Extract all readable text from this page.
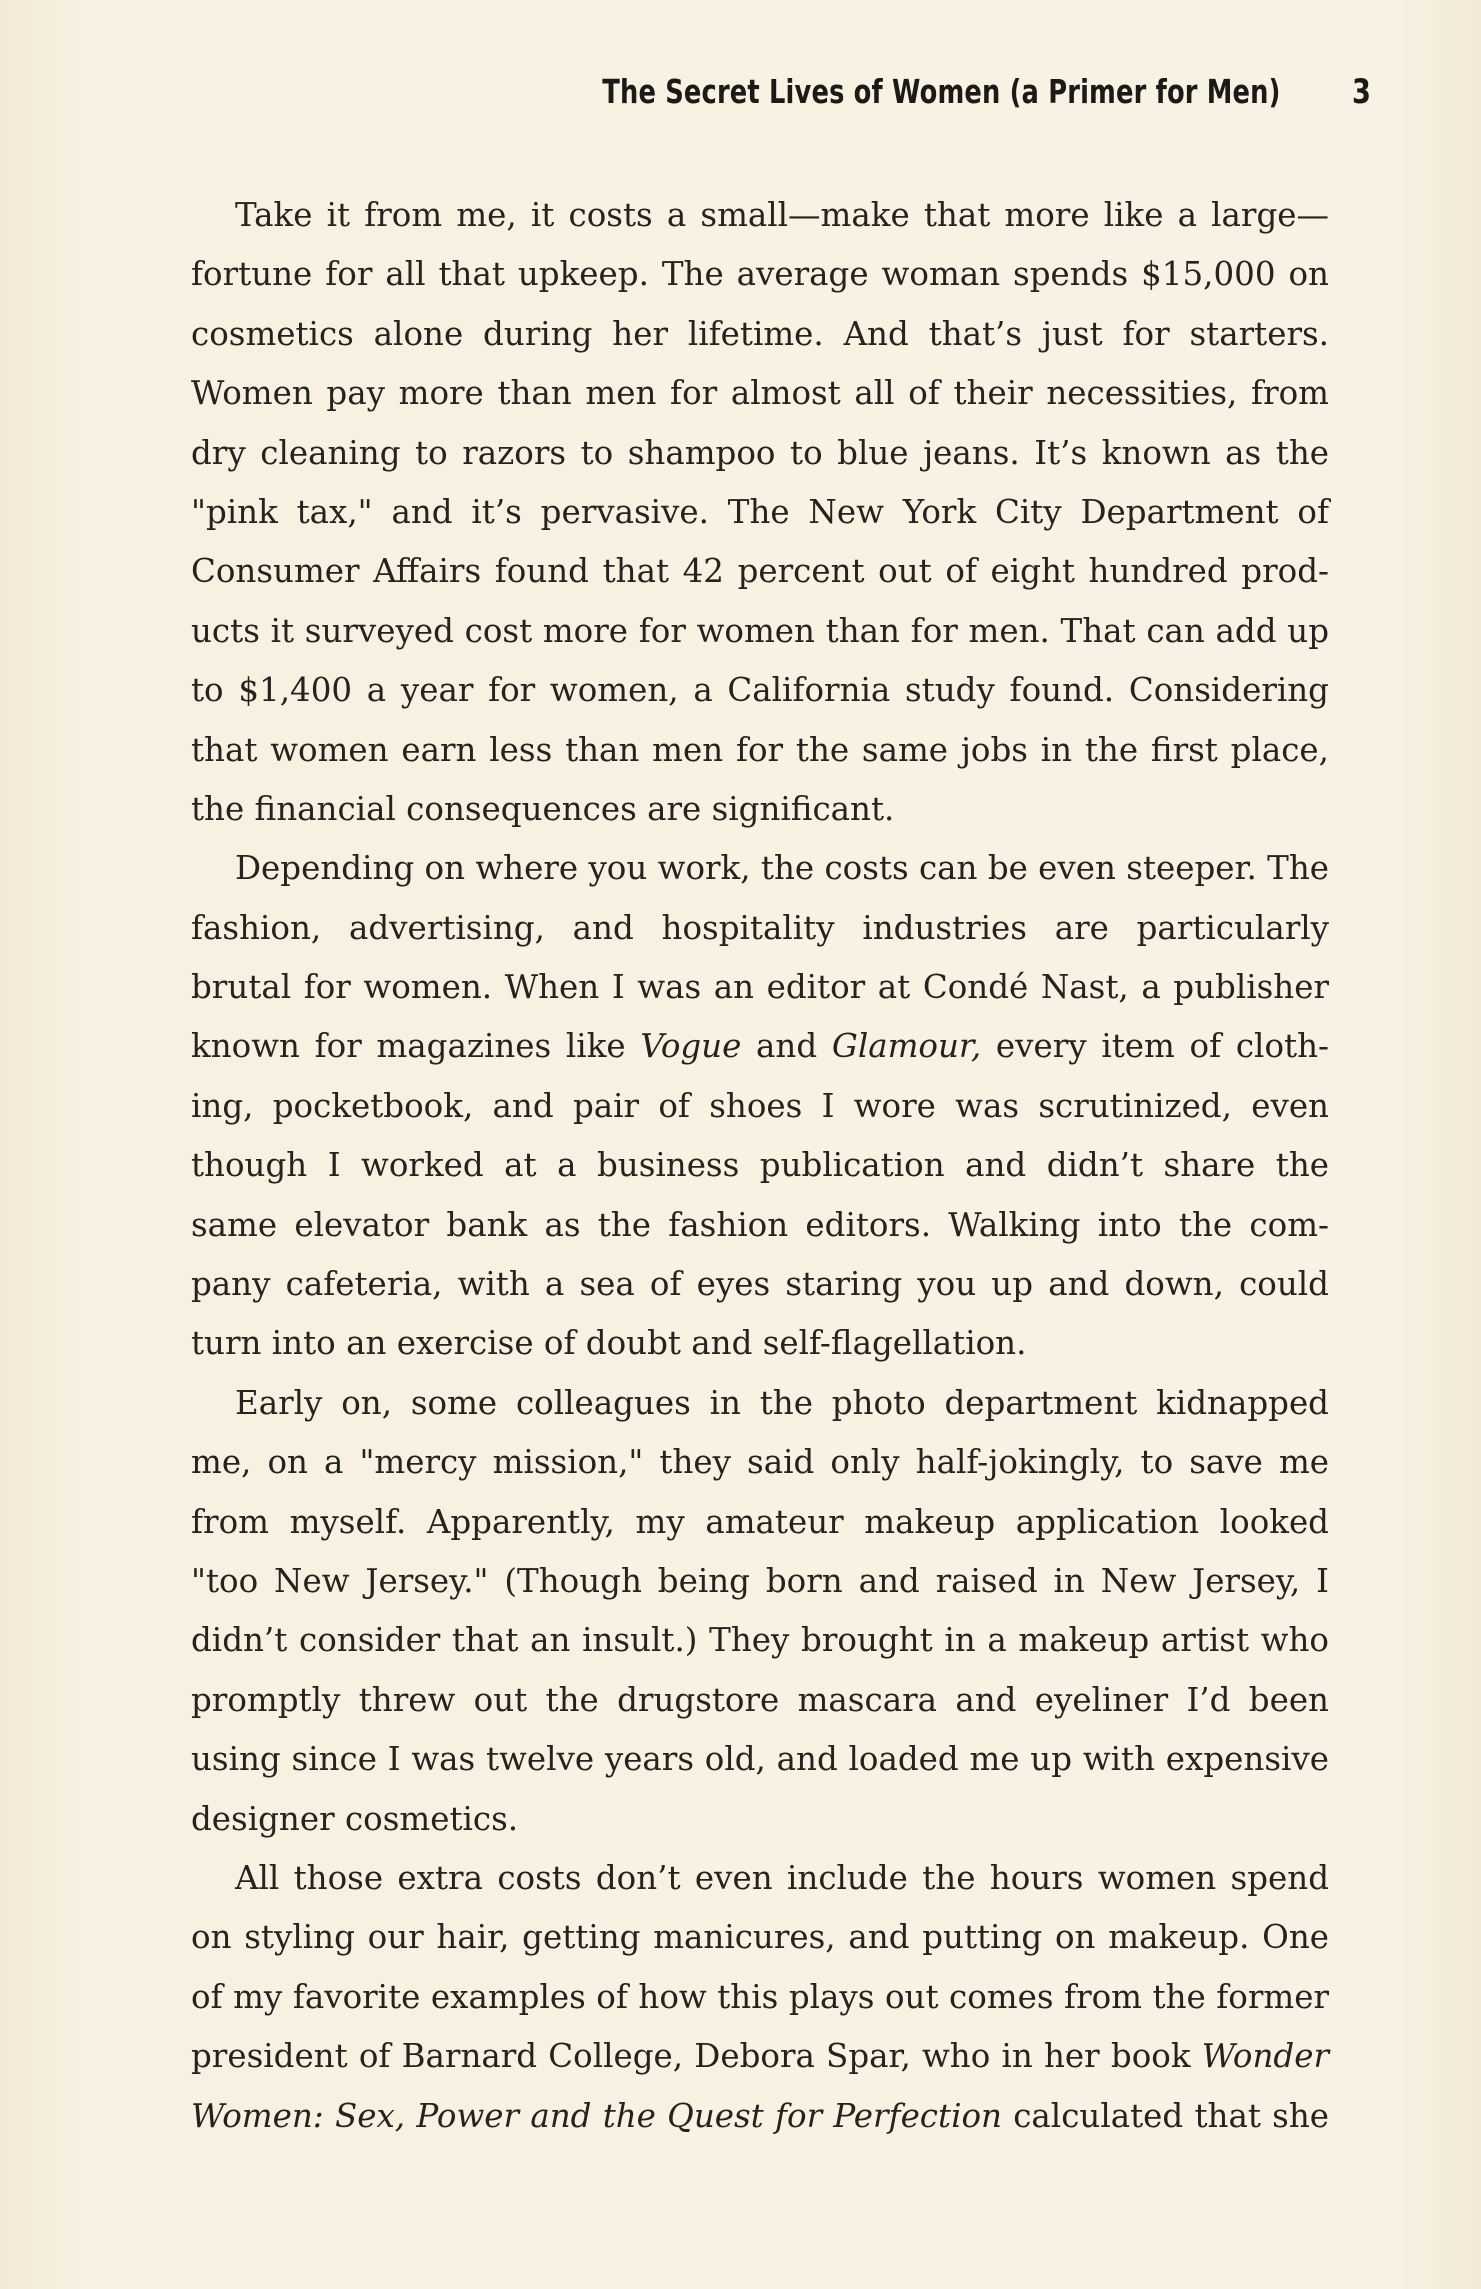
The Secret Lives of Women (a Primer for Men) 3
Take it from me, it costs a small—make that more like a large—
fortune for all that upkeep. The average woman spends $15,000 on
cosmetics alone during her lifetime. And that’s just for starters.
Women pay more than men for almost all of their necessities, from
dry cleaning to razors to shampoo to blue jeans. It’s known as the
"pink tax," and it’s pervasive. The New York City Department of
Consumer Affairs found that 42 percent out of eight hundred prod-
ucts it surveyed cost more for women than for men. That can add up
to $1,400 a year for women, a California study found. Considering
that women earn less than men for the same jobs in the first place,
the financial consequences are significant.
Depending on where you work, the costs can be even steeper. The
fashion, advertising, and hospitality industries are particularly
brutal for women. When I was an editor at Condé Nast, a publisher
known for magazines like Vogue and Glamour, every item of cloth-
ing, pocketbook, and pair of shoes I wore was scrutinized, even
though I worked at a business publication and didn’t share the
same elevator bank as the fashion editors. Walking into the com-
pany cafeteria, with a sea of eyes staring you up and down, could
turn into an exercise of doubt and self-flagellation.
Early on, some colleagues in the photo department kidnapped
me, on a "mercy mission," they said only half-jokingly, to save me
from myself. Apparently, my amateur makeup application looked
"too New Jersey." (Though being born and raised in New Jersey, I
didn’t consider that an insult.) They brought in a makeup artist who
promptly threw out the drugstore mascara and eyeliner I’d been
using since I was twelve years old, and loaded me up with expensive
designer cosmetics.
All those extra costs don’t even include the hours women spend
on styling our hair, getting manicures, and putting on makeup. One
of my favorite examples of how this plays out comes from the former
president of Barnard College, Debora Spar, who in her book Wonder
Women: Sex, Power and the Quest for Perfection calculated that she
